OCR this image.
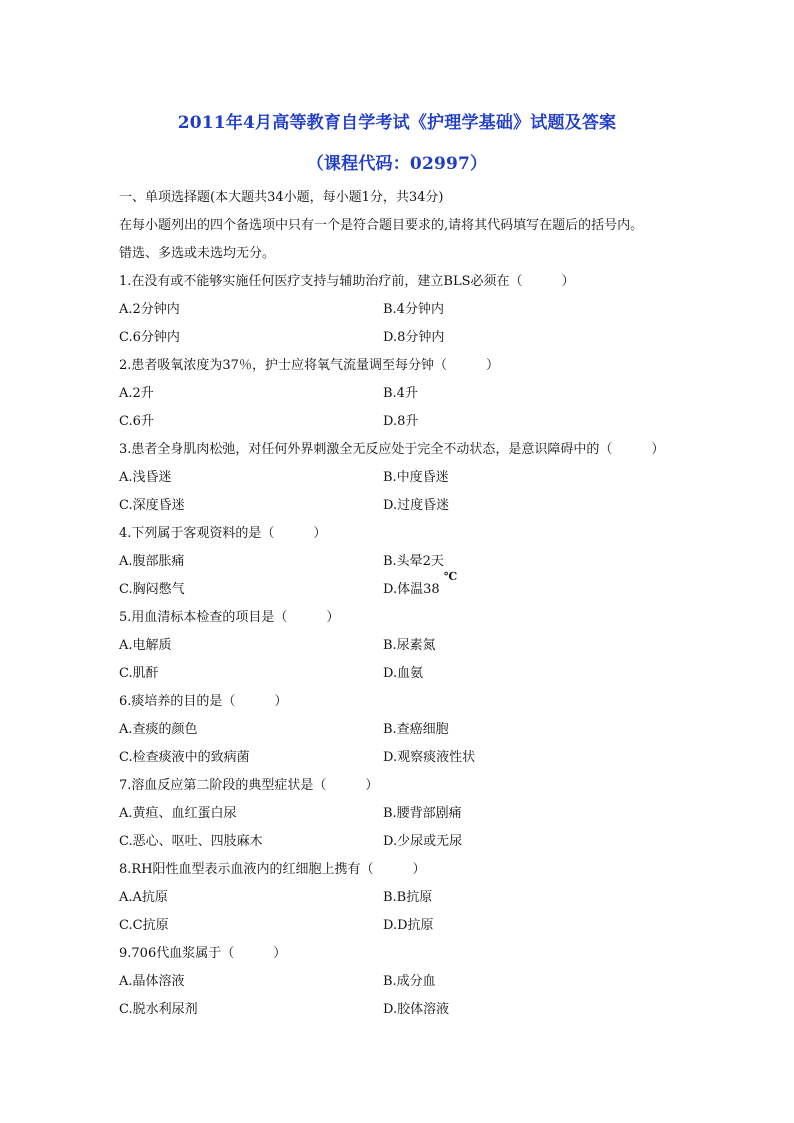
2011年4月高等教育自学考试《护理学基础》试题及答案
（课程代码：02997）
一、单项选择题(本大题共34小题，每小题1分，共34分)
在每小题列出的四个备选项中只有一个是符合题目要求的,请将其代码填写在题后的括号内。
错选、多选或未选均无分。
1.在没有或不能够实施任何医疗支持与辅助治疗前，建立BLS必须在（　　　）
A.2分钟内	B.4分钟内
C.6分钟内	D.8分钟内
2.患者吸氧浓度为37％，护士应将氧气流量调至每分钟（　　　）
A.2升	B.4升
C.6升	D.8升
3.患者全身肌肉松弛，对任何外界刺激全无反应处于完全不动状态，是意识障碍中的（　　　）
A.浅昏迷	B.中度昏迷
C.深度昏迷	D.过度昏迷
4.下列属于客观资料的是（　　　）
A.腹部胀痛	B.头晕2天
C.胸闷憋气	D.体温38
℃
5.用血清标本检查的项目是（　　　）
A.电解质	B.尿素氮
C.肌酐	D.血氨
6.痰培养的目的是（　　　）
A.查痰的颜色	B.查癌细胞
C.检查痰液中的致病菌	D.观察痰液性状
7.溶血反应第二阶段的典型症状是（　　　）
A.黄疸、血红蛋白尿	B.腰背部剧痛
C.恶心、呕吐、四肢麻木	D.少尿或无尿
8.RH阳性血型表示血液内的红细胞上携有（　　　）
A.A抗原	B.B抗原
C.C抗原	D.D抗原
9.706代血浆属于（　　　）
A.晶体溶液	B.成分血
C.脱水利尿剂	D.胶体溶液
